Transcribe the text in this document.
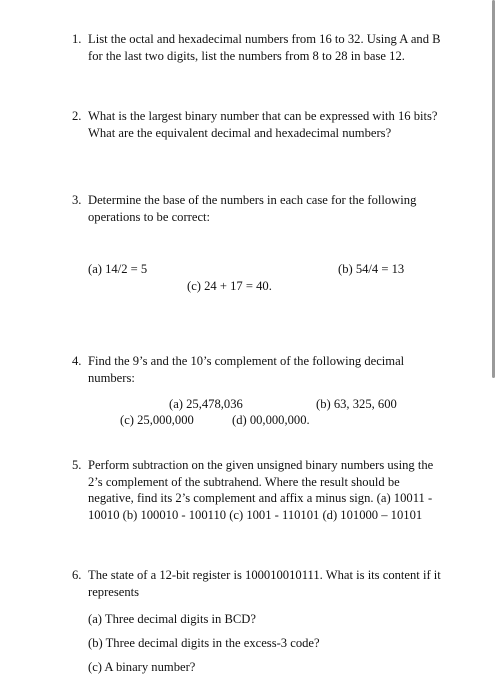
1. List the octal and hexadecimal numbers from 16 to 32. Using A and B for the last two digits, list the numbers from 8 to 28 in base 12.
2. What is the largest binary number that can be expressed with 16 bits? What are the equivalent decimal and hexadecimal numbers?
3. Determine the base of the numbers in each case for the following operations to be correct:
(a) 14/2 = 5	(b) 54/4 = 13
(c) 24 + 17 = 40.
4. Find the 9’s and the 10’s complement of the following decimal numbers:
(a) 25,478,036	(b) 63, 325, 600
(c) 25,000,000	(d) 00,000,000.
5. Perform subtraction on the given unsigned binary numbers using the 2’s complement of the subtrahend. Where the result should be negative, find its 2’s complement and affix a minus sign. (a) 10011 - 10010 (b) 100010 - 100110 (c) 1001 - 110101 (d) 101000 – 10101
6. The state of a 12-bit register is 100010010111. What is its content if it represents
(a) Three decimal digits in BCD?
(b) Three decimal digits in the excess-3 code?
(c) A binary number?
